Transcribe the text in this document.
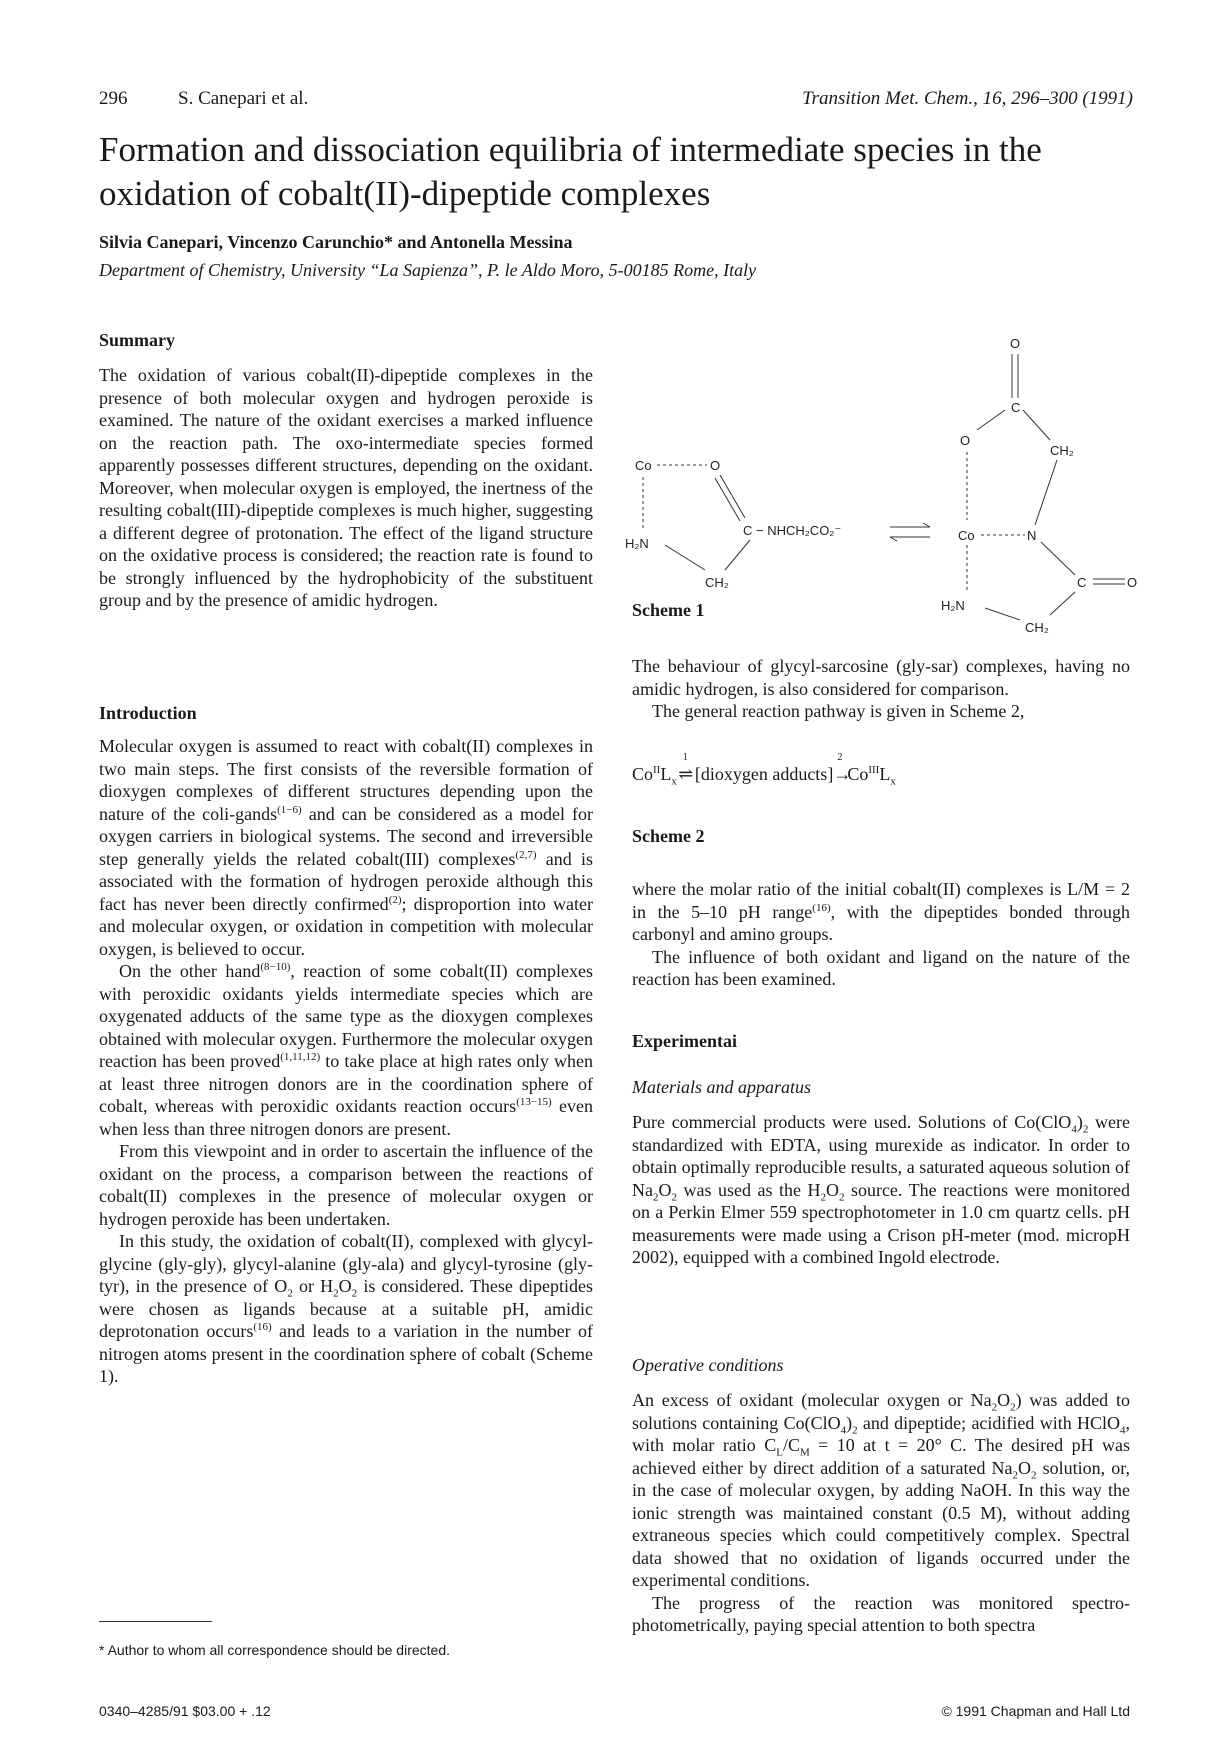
296	S. Canepari et al.	Transition Met. Chem., 16, 296–300 (1991)
Formation and dissociation equilibria of intermediate species in the oxidation of cobalt(II)-dipeptide complexes
Silvia Canepari, Vincenzo Carunchio* and Antonella Messina
Department of Chemistry, University “La Sapienza”, P. le Aldo Moro, 5-00185 Rome, Italy
Summary

The oxidation of various cobalt(II)-dipeptide complexes in the presence of both molecular oxygen and hydrogen peroxide is examined. The nature of the oxidant exercises a marked influence on the reaction path. The oxo-intermediate species formed apparently possesses different structures, depending on the oxidant. Moreover, when molecular oxygen is employed, the inertness of the resulting cobalt(III)-dipeptide complexes is much higher, suggesting a different degree of protonation. The effect of the ligand structure on the oxidative process is considered; the reaction rate is found to be strongly influenced by the hydrophobicity of the substituent group and by the presence of amidic hydrogen.

Introduction

Molecular oxygen is assumed to react with cobalt(II) complexes in two main steps. The first consists of the reversible formation of dioxygen complexes of different structures depending upon the nature of the coli-gands$^{(1-6)}$ and can be considered as a model for oxygen carriers in biological systems. The second and irreversible step generally yields the related cobalt(III) complexes$^{(2,7)}$ and is associated with the formation of hydrogen peroxide although this fact has never been directly confirmed$^{(2)}$; disproportion into water and molecular oxygen, or oxidation in competition with molecular oxygen, is believed to occur.

On the other hand$^{(8-10)}$, reaction of some cobalt(II) complexes with peroxidic oxidants yields intermediate species which are oxygenated adducts of the same type as the dioxygen complexes obtained with molecular oxygen. Furthermore the molecular oxygen reaction has been proved$^{(1,11,12)}$ to take place at high rates only when at least three nitrogen donors are in the coordination sphere of cobalt, whereas with peroxidic oxidants reaction occurs$^{(13-15)}$ even when less than three nitrogen donors are present.

From this viewpoint and in order to ascertain the influence of the oxidant on the process, a comparison between the reactions of cobalt(II) complexes in the presence of molecular oxygen or hydrogen peroxide has been undertaken.

In this study, the oxidation of cobalt(II), complexed with glycyl-glycine (gly-gly), glycyl-alanine (gly-ala) and glycyl-tyrosine (gly-tyr), in the presence of $O_2$ or $H_2O_2$ is considered. These dipeptides were chosen as ligands because at a suitable pH, amidic deprotonation occurs$^{(16)}$ and leads to a variation in the number of nitrogen atoms present in the coordination sphere of cobalt (Scheme 1).

* Author to whom all correspondence should be directed.
Co	O
H₂N
C − NHCH₂CO₂⁻
CH₂
O
C
O
CH₂
Co	N
H₂N
C	O
CH₂
Scheme 1

The behaviour of glycyl-sarcosine (gly-sar) complexes, having no amidic hydrogen, is also considered for comparison.

The general reaction pathway is given in Scheme 2,

$Co^{II}L_x$
1
⇌[dioxygen adducts]
2
$\to Co^{III}L_x$
Scheme 2

where the molar ratio of the initial cobalt(II) complexes is L/M = 2 in the 5–10 pH range$^{(16)}$, with the dipeptides bonded through carbonyl and amino groups.

The influence of both oxidant and ligand on the nature of the reaction has been examined.

Experimentai
Materials and apparatus

Pure commercial products were used. Solutions of $Co(ClO_4)_2$ were standardized with EDTA, using murexide as indicator. In order to obtain optimally reproducible results, a saturated aqueous solution of $Na_2O_2$ was used as the $H_2O_2$ source. The reactions were monitored on a Perkin Elmer 559 spectrophotometer in 1.0 cm quartz cells. pH measurements were made using a Crison pH-meter (mod. micropH 2002), equipped with a combined Ingold electrode.

Operative conditions

An excess of oxidant (molecular oxygen or $Na_2O_2$) was added to solutions containing $Co(ClO_4)_2$ and dipeptide; acidified with HClO$_4$, with molar ratio $C_L/C_M = 10$ at t = 20° C. The desired pH was achieved either by direct addition of a saturated $Na_2O_2$ solution, or, in the case of molecular oxygen, by adding NaOH. In this way the ionic strength was maintained constant (0.5 M), without adding extraneous species which could competitively complex. Spectral data showed that no oxidation of ligands occurred under the experimental conditions.

The progress of the reaction was monitored spectro-photometrically, paying special attention to both spectra

0340–4285/91 $03.00 + .12	© 1991 Chapman and Hall Ltd
